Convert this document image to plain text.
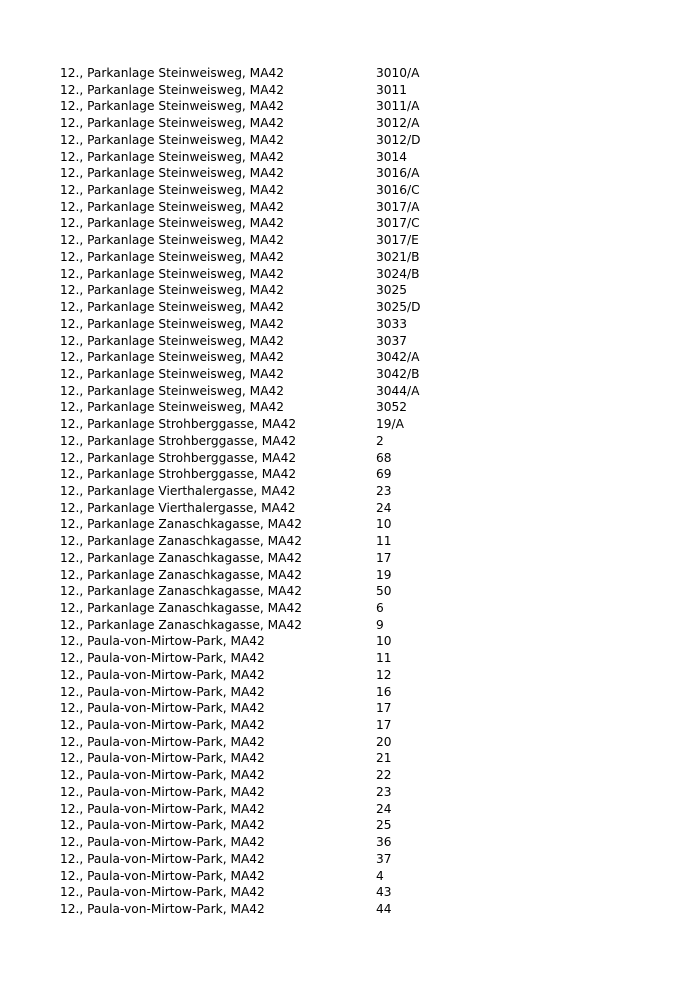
12., Parkanlage Steinweisweg, MA42	3010/A
12., Parkanlage Steinweisweg, MA42	3011
12., Parkanlage Steinweisweg, MA42	3011/A
12., Parkanlage Steinweisweg, MA42	3012/A
12., Parkanlage Steinweisweg, MA42	3012/D
12., Parkanlage Steinweisweg, MA42	3014
12., Parkanlage Steinweisweg, MA42	3016/A
12., Parkanlage Steinweisweg, MA42	3016/C
12., Parkanlage Steinweisweg, MA42	3017/A
12., Parkanlage Steinweisweg, MA42	3017/C
12., Parkanlage Steinweisweg, MA42	3017/E
12., Parkanlage Steinweisweg, MA42	3021/B
12., Parkanlage Steinweisweg, MA42	3024/B
12., Parkanlage Steinweisweg, MA42	3025
12., Parkanlage Steinweisweg, MA42	3025/D
12., Parkanlage Steinweisweg, MA42	3033
12., Parkanlage Steinweisweg, MA42	3037
12., Parkanlage Steinweisweg, MA42	3042/A
12., Parkanlage Steinweisweg, MA42	3042/B
12., Parkanlage Steinweisweg, MA42	3044/A
12., Parkanlage Steinweisweg, MA42	3052
12., Parkanlage Strohberggasse, MA42	19/A
12., Parkanlage Strohberggasse, MA42	2
12., Parkanlage Strohberggasse, MA42	68
12., Parkanlage Strohberggasse, MA42	69
12., Parkanlage Vierthalergasse, MA42	23
12., Parkanlage Vierthalergasse, MA42	24
12., Parkanlage Zanaschkagasse, MA42	10
12., Parkanlage Zanaschkagasse, MA42	11
12., Parkanlage Zanaschkagasse, MA42	17
12., Parkanlage Zanaschkagasse, MA42	19
12., Parkanlage Zanaschkagasse, MA42	50
12., Parkanlage Zanaschkagasse, MA42	6
12., Parkanlage Zanaschkagasse, MA42	9
12., Paula-von-Mirtow-Park, MA42	10
12., Paula-von-Mirtow-Park, MA42	11
12., Paula-von-Mirtow-Park, MA42	12
12., Paula-von-Mirtow-Park, MA42	16
12., Paula-von-Mirtow-Park, MA42	17
12., Paula-von-Mirtow-Park, MA42	17
12., Paula-von-Mirtow-Park, MA42	20
12., Paula-von-Mirtow-Park, MA42	21
12., Paula-von-Mirtow-Park, MA42	22
12., Paula-von-Mirtow-Park, MA42	23
12., Paula-von-Mirtow-Park, MA42	24
12., Paula-von-Mirtow-Park, MA42	25
12., Paula-von-Mirtow-Park, MA42	36
12., Paula-von-Mirtow-Park, MA42	37
12., Paula-von-Mirtow-Park, MA42	4
12., Paula-von-Mirtow-Park, MA42	43
12., Paula-von-Mirtow-Park, MA42	44
